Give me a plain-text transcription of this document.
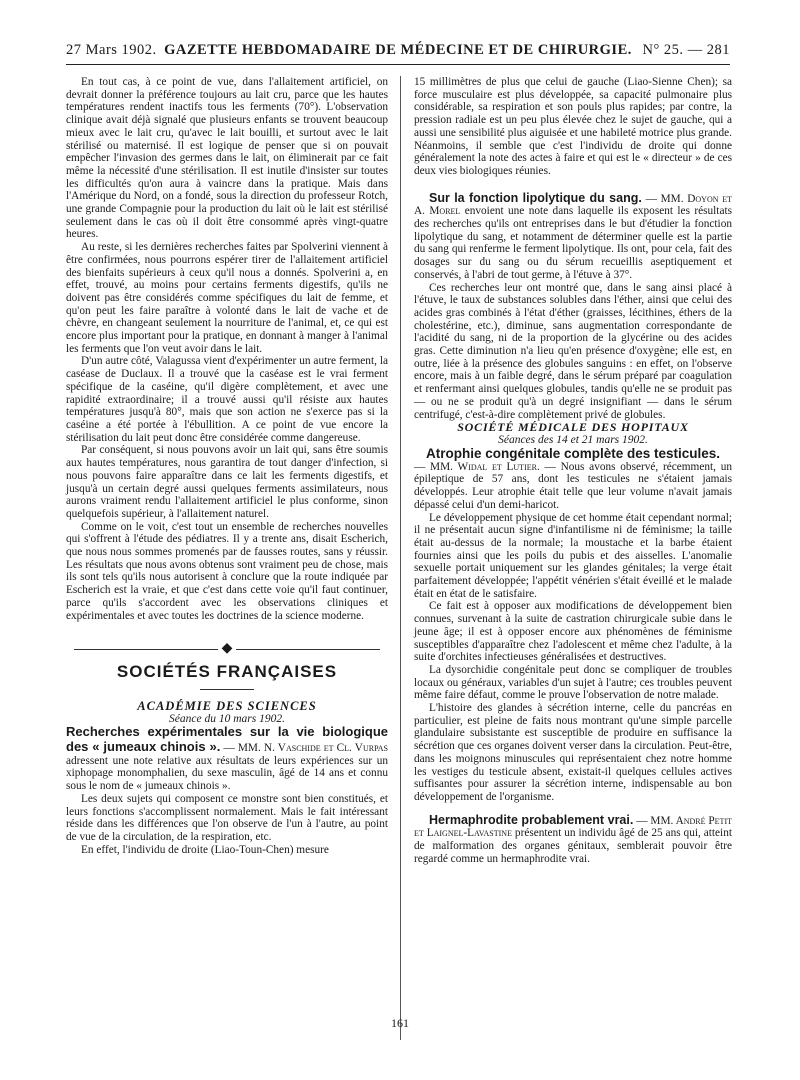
27 Mars 1902. GAZETTE HEBDOMADAIRE DE MÉDECINE ET DE CHIRURGIE. N° 25. — 281

En tout cas, à ce point de vue, dans l'allaitement artificiel, on devrait donner la préférence toujours au lait cru, parce que les hautes températures rendent inactifs tous les ferments (70°). L'observation clinique avait déjà signalé que plusieurs enfants se trouvent beaucoup mieux avec le lait cru, qu'avec le lait bouilli, et surtout avec le lait stérilisé ou maternisé. Il est logique de penser que si on pouvait empêcher l'invasion des germes dans le lait, on éliminerait par ce fait même la nécessité d'une stérilisation. Il est inutile d'insister sur toutes les difficultés qu'on aura à vaincre dans la pratique. Mais dans l'Amérique du Nord, on a fondé, sous la direction du professeur Rotch, une grande Compagnie pour la production du lait où le lait est stérilisé seulement dans le cas où il doit être consommé après vingt-quatre heures.

Au reste, si les dernières recherches faites par Spolverini viennent à être confirmées, nous pourrons espérer tirer de l'allaitement artificiel des bienfaits supérieurs à ceux qu'il nous a donnés. Spolverini a, en effet, trouvé, au moins pour certains ferments digestifs, qu'ils ne doivent pas être considérés comme spécifiques du lait de femme, et qu'on peut les faire paraître à volonté dans le lait de vache et de chèvre, en changeant seulement la nourriture de l'animal, et, ce qui est encore plus important pour la pratique, en donnant à manger à l'animal les ferments que l'on veut avoir dans le lait.

D'un autre côté, Valagussa vient d'expérimenter un autre ferment, la caséase de Duclaux. Il a trouvé que la caséase est le vrai ferment spécifique de la caséine, qu'il digère complètement, et avec une rapidité extraordinaire; il a trouvé aussi qu'il résiste aux hautes températures jusqu'à 80°, mais que son action ne s'exerce pas si la caséine a été portée à l'ébullition. A ce point de vue encore la stérilisation du lait peut donc être considérée comme dangereuse.

Par conséquent, si nous pouvons avoir un lait qui, sans être soumis aux hautes températures, nous garantira de tout danger d'infection, si nous pouvons faire apparaître dans ce lait les ferments digestifs, et jusqu'à un certain degré aussi quelques ferments assimilateurs, nous aurons vraiment rendu l'allaitement artificiel le plus conforme, sinon quelquefois supérieur, à l'allaitement naturel.

Comme on le voit, c'est tout un ensemble de recherches nouvelles qui s'offrent à l'étude des pédiatres. Il y a trente ans, disait Escherich, que nous nous sommes promenés par de fausses routes, sans y réussir. Les résultats que nous avons obtenus sont vraiment peu de chose, mais ils sont tels qu'ils nous autorisent à conclure que la route indiquée par Escherich est la vraie, et que c'est dans cette voie qu'il faut continuer, parce qu'ils s'accordent avec les observations cliniques et expérimentales et avec toutes les doctrines de la science moderne.

◆

SOCIÉTÉS FRANÇAISES

ACADÉMIE DES SCIENCES

Séance du 10 mars 1902.

Recherches expérimentales sur la vie biologique des « jumeaux chinois ». — MM. N. Vaschide et Cl. Vurpas adressent une note relative aux résultats de leurs expériences sur un xiphopage monomphalien, du sexe masculin, âgé de 14 ans et connu sous le nom de « jumeaux chinois ».

Les deux sujets qui composent ce monstre sont bien constitués, et leurs fonctions s'accomplissent normalement. Mais le fait intéressant réside dans les différences que l'on observe de l'un à l'autre, au point de vue de la circulation, de la respiration, etc.

En effet, l'individu de droite (Liao-Toun-Chen) mesure

15 millimètres de plus que celui de gauche (Liao-Sienne Chen); sa force musculaire est plus développée, sa capacité pulmonaire plus considérable, sa respiration et son pouls plus rapides; par contre, la pression radiale est un peu plus élevée chez le sujet de gauche, qui a aussi une sensibilité plus aiguisée et une habileté motrice plus grande. Néanmoins, il semble que c'est l'individu de droite qui donne généralement la note des actes à faire et qui est le « directeur » de ces deux vies biologiques réunies.

Sur la fonction lipolytique du sang. — MM. Doyon et A. Morel envoient une note dans laquelle ils exposent les résultats des recherches qu'ils ont entreprises dans le but d'étudier la fonction lipolytique du sang, et notamment de déterminer quelle est la partie du sang qui renferme le ferment lipolytique. Ils ont, pour cela, fait des dosages sur du sang ou du sérum recueillis aseptiquement et conservés, à l'abri de tout germe, à l'étuve à 37°.

Ces recherches leur ont montré que, dans le sang ainsi placé à l'étuve, le taux de substances solubles dans l'éther, ainsi que celui des acides gras combinés à l'état d'éther (graisses, lécithines, éthers de la cholestérine, etc.), diminue, sans augmentation correspondante de l'acidité du sang, ni de la proportion de la glycérine ou des acides gras. Cette diminution n'a lieu qu'en présence d'oxygène; elle est, en outre, liée à la présence des globules sanguins : en effet, on l'observe encore, mais à un faible degré, dans le sérum préparé par coagulation et renfermant ainsi quelques globules, tandis qu'elle ne se produit pas — ou ne se produit qu'à un degré insignifiant — dans le sérum centrifugé, c'est-à-dire complètement privé de globules.

SOCIÉTÉ MÉDICALE DES HOPITAUX

Séances des 14 et 21 mars 1902.

Atrophie congénitale complète des testicules.

— MM. Widal et Lutier. — Nous avons observé, récemment, un épileptique de 57 ans, dont les testicules ne s'étaient jamais développés. Leur atrophie était telle que leur volume n'avait jamais dépassé celui d'un demi-haricot.

Le développement physique de cet homme était cependant normal; il ne présentait aucun signe d'infantilisme ni de féminisme; la taille était au-dessus de la normale; la moustache et la barbe étaient fournies ainsi que les poils du pubis et des aisselles. L'anomalie sexuelle portait uniquement sur les glandes génitales; la verge était parfaitement développée; l'appétit vénérien s'était éveillé et le malade était en état de le satisfaire.

Ce fait est à opposer aux modifications de développement bien connues, survenant à la suite de castration chirurgicale subie dans le jeune âge; il est à opposer encore aux phénomènes de féminisme susceptibles d'apparaître chez l'adolescent et même chez l'adulte, à la suite d'orchites infectieuses généralisées et destructives.

La dysorchidie congénitale peut donc se compliquer de troubles locaux ou généraux, variables d'un sujet à l'autre; ces troubles peuvent même faire défaut, comme le prouve l'observation de notre malade.

L'histoire des glandes à sécrétion interne, celle du pancréas en particulier, est pleine de faits nous montrant qu'une simple parcelle glandulaire subsistante est susceptible de produire en suffisance la sécrétion que ces organes doivent verser dans la circulation. Peut-être, dans les moignons minuscules qui représentaient chez notre homme les vestiges du testicule absent, existait-il quelques cellules actives suffisantes pour assurer la sécrétion interne, indispensable au bon développement de l'organisme.

Hermaphrodite probablement vrai. — MM. André Petit et Laignel-Lavastine présentent un individu âgé de 25 ans qui, atteint de malformation des organes génitaux, semblerait pouvoir être regardé comme un hermaphrodite vrai.

161
